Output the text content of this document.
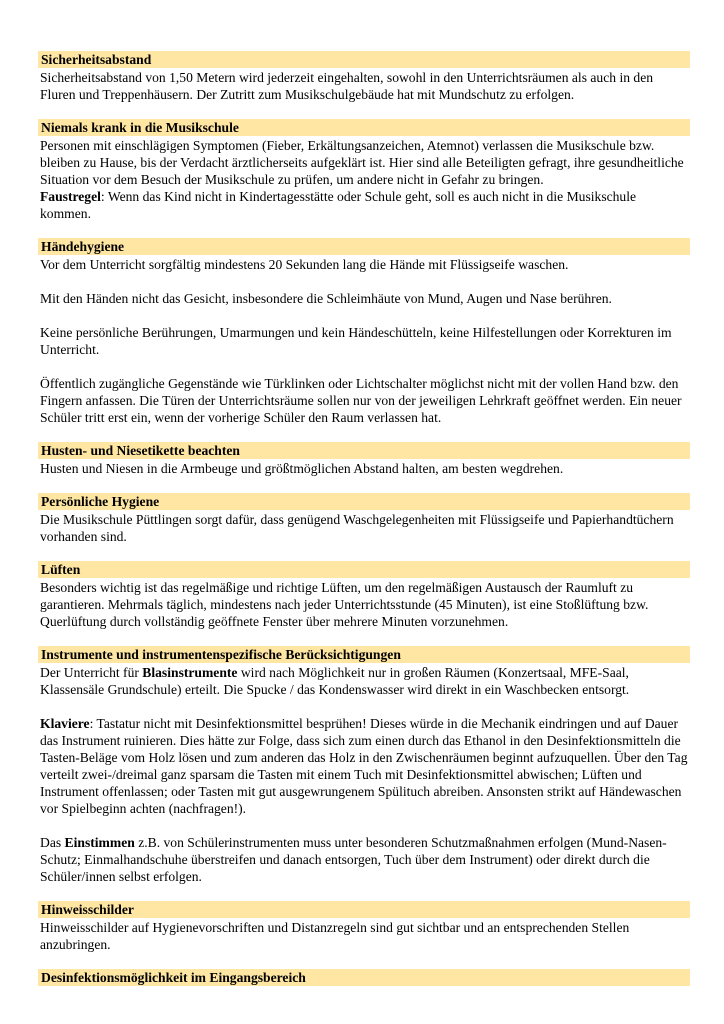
Sicherheitsabstand

Sicherheitsabstand von 1,50 Metern wird jederzeit eingehalten, sowohl in den Unterrichtsräumen als auch in den Fluren und Treppenhäusern. Der Zutritt zum Musikschulgebäude hat mit Mundschutz zu erfolgen.

Niemals krank in die Musikschule

Personen mit einschlägigen Symptomen (Fieber, Erkältungsanzeichen, Atemnot) verlassen die Musikschule bzw. bleiben zu Hause, bis der Verdacht ärztlicherseits aufgeklärt ist. Hier sind alle Beteiligten gefragt, ihre gesundheitliche Situation vor dem Besuch der Musikschule zu prüfen, um andere nicht in Gefahr zu bringen.
Faustregel: Wenn das Kind nicht in Kindertagesstätte oder Schule geht, soll es auch nicht in die Musikschule kommen.

Händehygiene

Vor dem Unterricht sorgfältig mindestens 20 Sekunden lang die Hände mit Flüssigseife waschen.

Mit den Händen nicht das Gesicht, insbesondere die Schleimhäute von Mund, Augen und Nase berühren.

Keine persönliche Berührungen, Umarmungen und kein Händeschütteln, keine Hilfestellungen oder Korrekturen im Unterricht.

Öffentlich zugängliche Gegenstände wie Türklinken oder Lichtschalter möglichst nicht mit der vollen Hand bzw. den Fingern anfassen. Die Türen der Unterrichtsräume sollen nur von der jeweiligen Lehrkraft geöffnet werden. Ein neuer Schüler tritt erst ein, wenn der vorherige Schüler den Raum verlassen hat.

Husten- und Niesetikette beachten

Husten und Niesen in die Armbeuge und größtmöglichen Abstand halten, am besten wegdrehen.

Persönliche Hygiene

Die Musikschule Püttlingen sorgt dafür, dass genügend Waschgelegenheiten mit Flüssigseife und Papierhandtüchern vorhanden sind.

Lüften

Besonders wichtig ist das regelmäßige und richtige Lüften, um den regelmäßigen Austausch der Raumluft zu garantieren. Mehrmals täglich, mindestens nach jeder Unterrichtsstunde (45 Minuten), ist eine Stoßlüftung bzw. Querlüftung durch vollständig geöffnete Fenster über mehrere Minuten vorzunehmen.

Instrumente und instrumentenspezifische Berücksichtigungen

Der Unterricht für Blasinstrumente wird nach Möglichkeit nur in großen Räumen (Konzertsaal, MFE-Saal, Klassensäle Grundschule) erteilt. Die Spucke / das Kondenswasser wird direkt in ein Waschbecken entsorgt.

Klaviere: Tastatur nicht mit Desinfektionsmittel besprühen! Dieses würde in die Mechanik eindringen und auf Dauer das Instrument ruinieren. Dies hätte zur Folge, dass sich zum einen durch das Ethanol in den Desinfektionsmitteln die Tasten-Beläge vom Holz lösen und zum anderen das Holz in den Zwischenräumen beginnt aufzuquellen. Über den Tag verteilt zwei-/dreimal ganz sparsam die Tasten mit einem Tuch mit Desinfektionsmittel abwischen; Lüften und Instrument offenlassen; oder Tasten mit gut ausgewrungenem Spülituch abreiben. Ansonsten strikt auf Händewaschen vor Spielbeginn achten (nachfragen!).

Das Einstimmen z.B. von Schülerinstrumenten muss unter besonderen Schutzmaßnahmen erfolgen (Mund-Nasen-Schutz; Einmalhandschuhe überstreifen und danach entsorgen, Tuch über dem Instrument) oder direkt durch die Schüler/innen selbst erfolgen.

Hinweisschilder

Hinweisschilder auf Hygienevorschriften und Distanzregeln sind gut sichtbar und an entsprechenden Stellen anzubringen.

Desinfektionsmöglichkeit im Eingangsbereich
